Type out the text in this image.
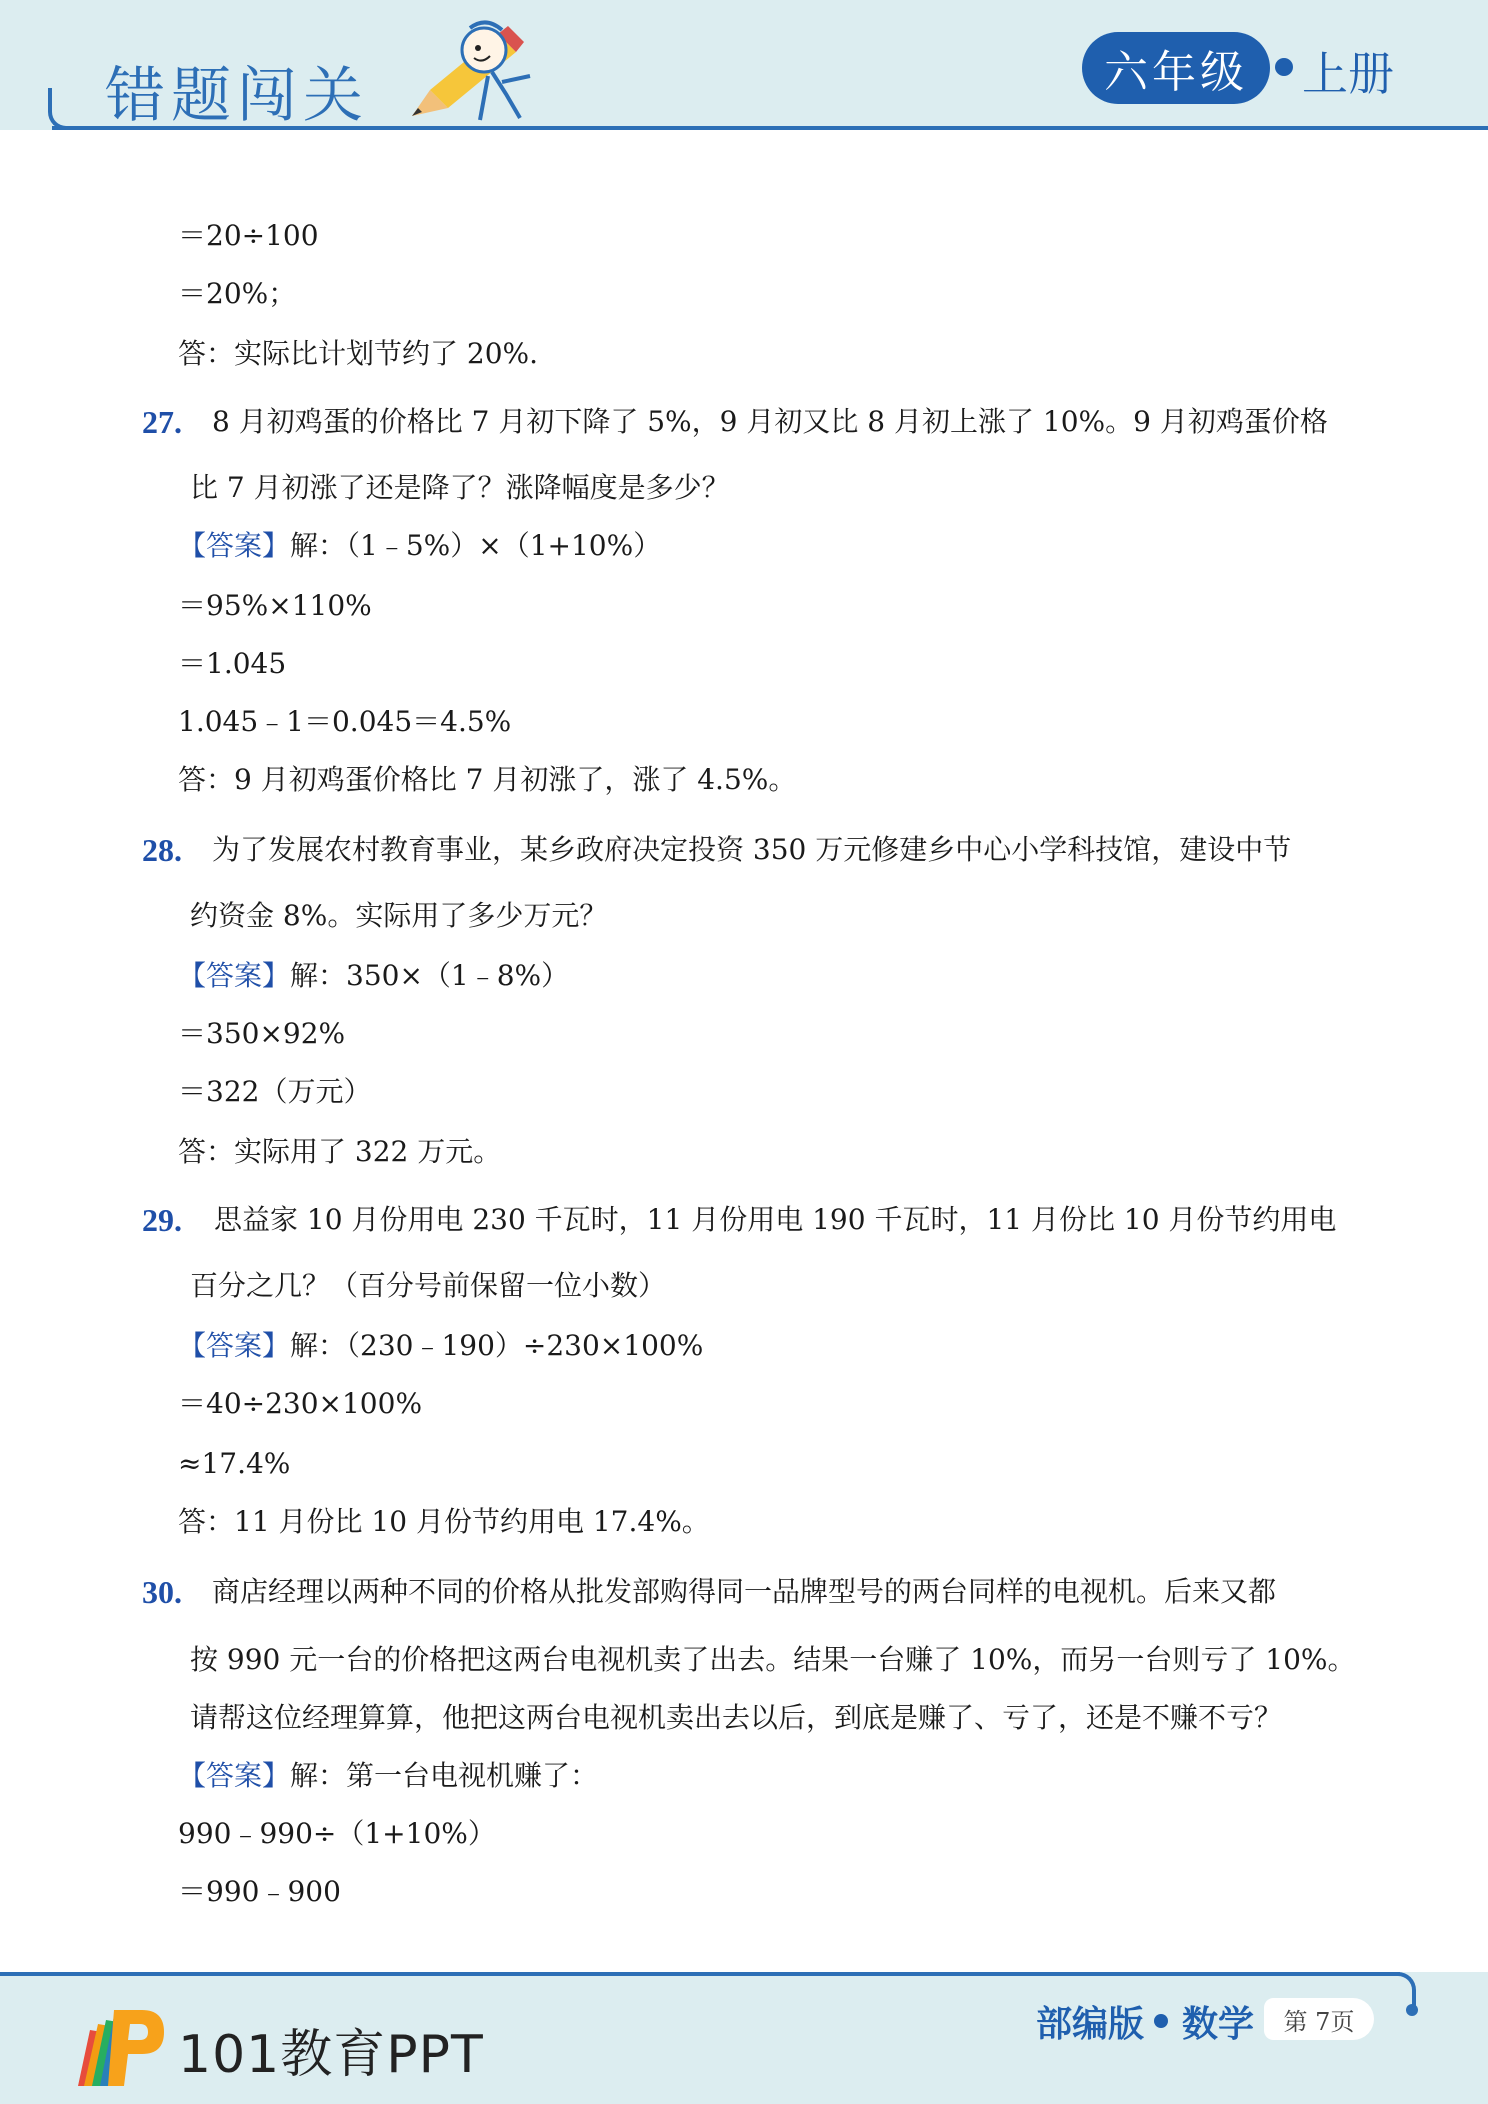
错题闯关	六年级	上册
＝20÷100
＝20%；
答：实际比计划节约了 20%.
27. 8 月初鸡蛋的价格比 7 月初下降了 5%，9 月初又比 8 月初上涨了 10%。9 月初鸡蛋价格
比 7 月初涨了还是降了？涨降幅度是多少？
【答案】解：（1﹣5%）×（1+10%）
＝95%×110%
＝1.045
1.045﹣1＝0.045＝4.5%
答：9 月初鸡蛋价格比 7 月初涨了，涨了 4.5%。
28. 为了发展农村教育事业，某乡政府决定投资 350 万元修建乡中心小学科技馆，建设中节
约资金 8%。实际用了多少万元？
【答案】解：350×（1﹣8%）
＝350×92%
＝322（万元）
答：实际用了 322 万元。
29. 思益家 10 月份用电 230 千瓦时，11 月份用电 190 千瓦时，11 月份比 10 月份节约用电
百分之几？（百分号前保留一位小数）
【答案】解：（230﹣190）÷230×100%
＝40÷230×100%
≈17.4%
答：11 月份比 10 月份节约用电 17.4%。
30. 商店经理以两种不同的价格从批发部购得同一品牌型号的两台同样的电视机。后来又都
按 990 元一台的价格把这两台电视机卖了出去。结果一台赚了 10%，而另一台则亏了 10%。
请帮这位经理算算，他把这两台电视机卖出去以后，到底是赚了、亏了，还是不赚不亏？
【答案】解：第一台电视机赚了：
990﹣990÷（1+10%）
＝990﹣900
101教育PPT
部编版 数学	第 7页
